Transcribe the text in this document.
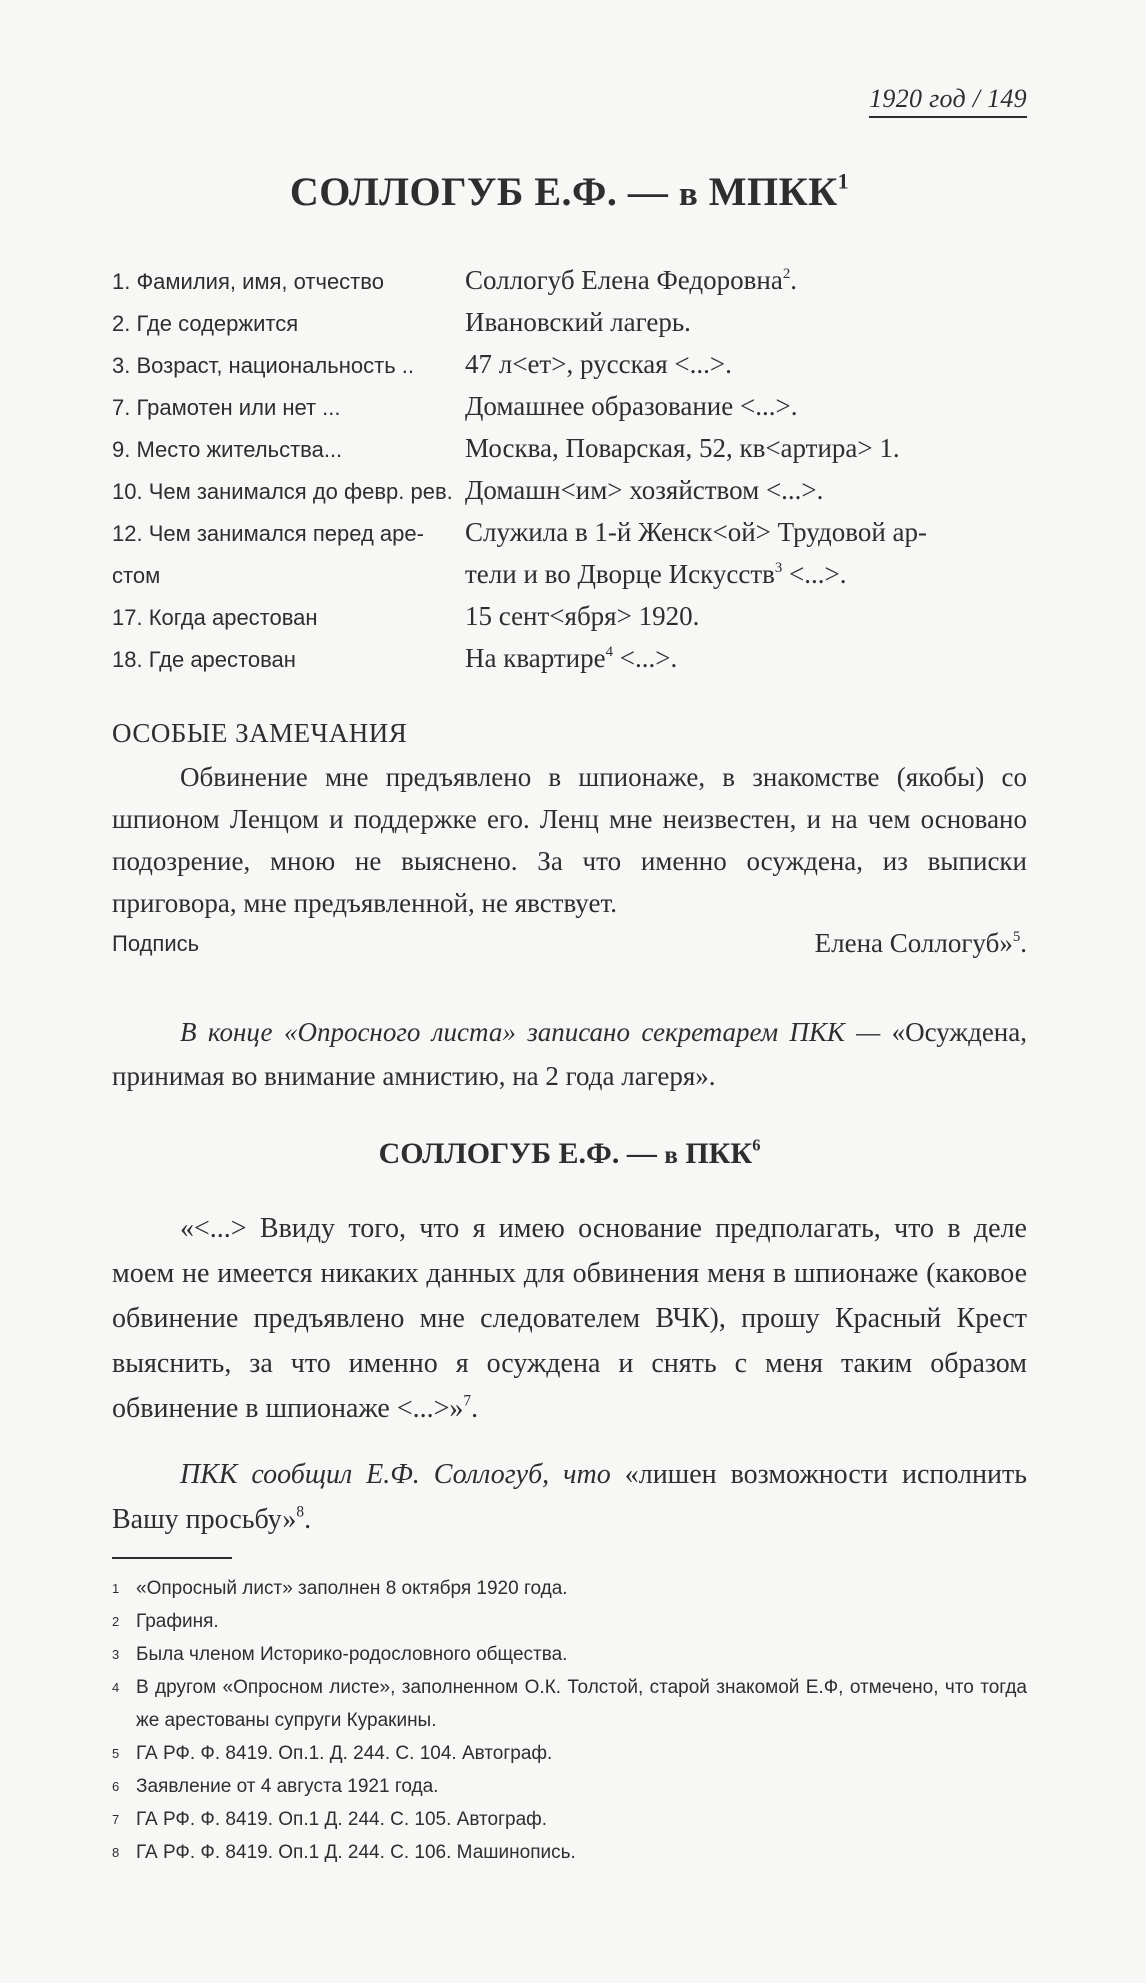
1920 год / 149
СОЛЛОГУБ Е.Ф. — в МПКК$^1$
1. Фамилия, имя, отчество	Соллогуб Елена Федоровна$^2$.
2. Где содержится	Ивановский лагерь.
3. Возраст, национальность ..	47 л<ет>, русская <...>.
7. Грамотен или нет ...	Домашнее образование <...>.
9. Место жительства...	Москва, Поварская, 52, кв<артира> 1.
10. Чем занимался до февр. рев. Домашн<им> хозяйством <...>.
12. Чем занимался перед аре-	Служила в 1-й Женск<ой> Трудовой ар-
стом	тели и во Дворце Искусств$^3$ <...>.
17. Когда арестован	15 сент<ября> 1920.
18. Где арестован	На квартире$^4$ <...>.
ОСОБЫЕ ЗАМЕЧАНИЯ
Обвинение мне предъявлено в шпионаже, в знакомстве (якобы) со шпионом Ленцом и поддержке его. Ленц мне неизвестен, и на чем основано подозрение, мною не выяснено. За что именно осуждена, из выписки приговора, мне предъявленной, не явствует.
Подпись	Елена Соллогуб»$^5$.
В конце «Опросного листа» записано секретарем ПКК — «Осуждена, принимая во внимание амнистию, на 2 года лагеря».
СОЛЛОГУБ Е.Ф. — в ПКК$^6$
«<...> Ввиду того, что я имею основание предполагать, что в деле моем не имеется никаких данных для обвинения меня в шпионаже (каковое обвинение предъявлено мне следователем ВЧК), прошу Красный Крест выяснить, за что именно я осуждена и снять с меня таким образом обвинение в шпионаже <...>»$^7$.
ПКК сообщил Е.Ф. Соллогуб, что «лишен возможности исполнить Вашу просьбу»$^8$.
1 «Опросный лист» заполнен 8 октября 1920 года.
2 Графиня.
3 Была членом Историко-родословного общества.
4 В другом «Опросном листе», заполненном О.К. Толстой, старой знакомой Е.Ф, отмечено, что тогда же арестованы супруги Куракины.
5 ГА РФ. Ф. 8419. Оп.1. Д. 244. С. 104. Автограф.
6 Заявление от 4 августа 1921 года.
7 ГА РФ. Ф. 8419. Оп.1 Д. 244. С. 105. Автограф.
8 ГА РФ. Ф. 8419. Оп.1 Д. 244. С. 106. Машинопись.
